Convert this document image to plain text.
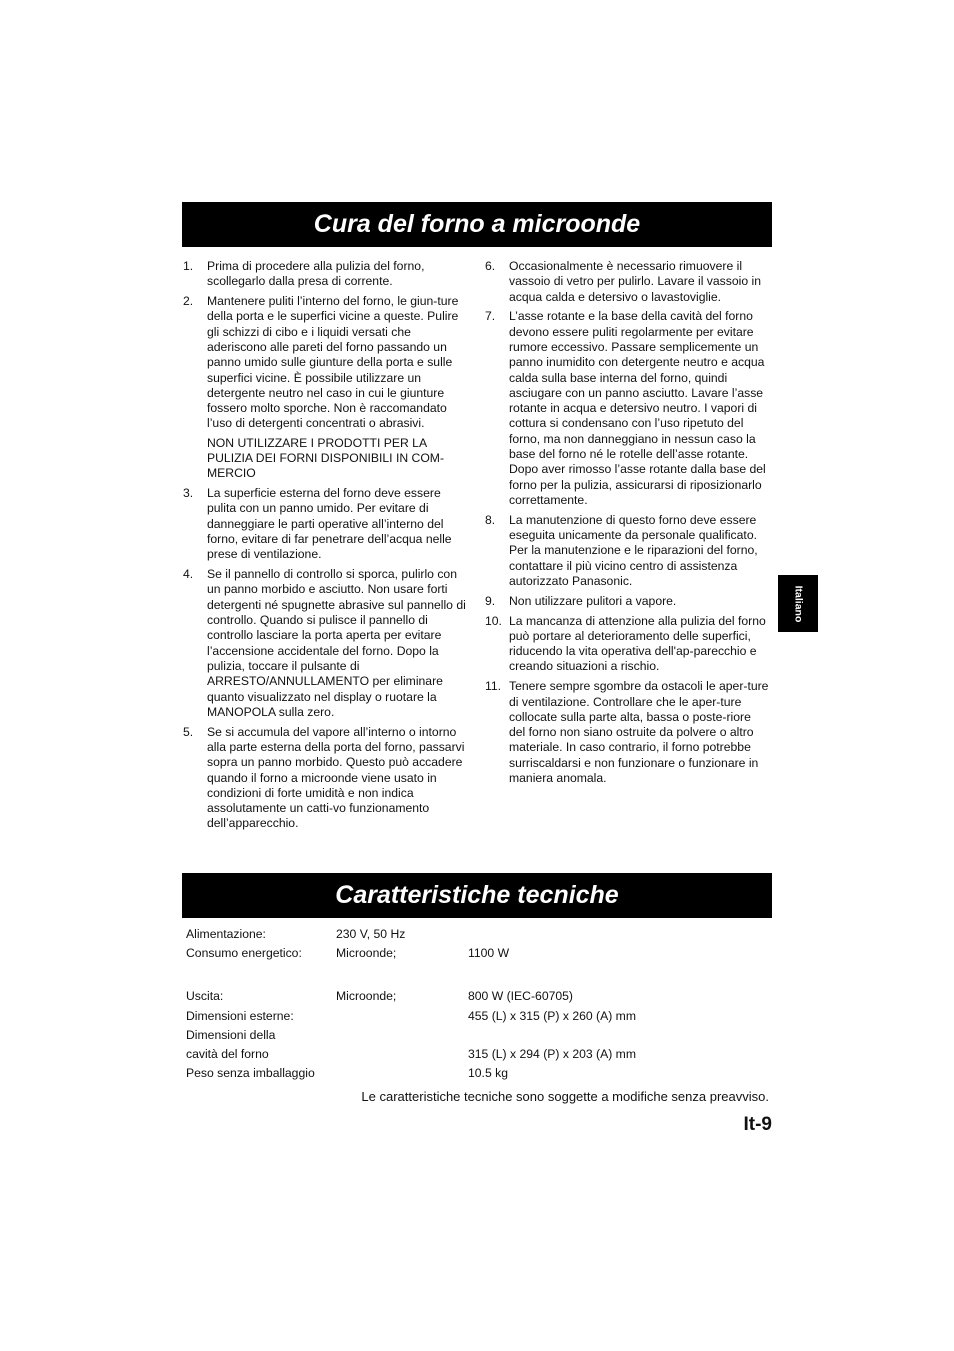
Cura del forno a microonde
1.	Prima di procedere alla pulizia del forno, scollegarlo dalla presa di corrente.

2.	Mantenere puliti l’interno del forno, le giun-ture della porta e le superfici vicine a queste. Pulire gli schizzi di cibo e i liquidi versati che aderiscono alle pareti del forno passando un panno umido sulle giunture della porta e sulle superfici vicine. È possibile utilizzare un detergente neutro nel caso in cui le giunture fossero molto sporche. Non è raccomandato l’uso di detergenti concentrati o abrasivi.

NON UTILIZZARE I PRODOTTI PER LA PULIZIA DEI FORNI DISPONIBILI IN COM-MERCIO

3.	La superficie esterna del forno deve essere pulita con un panno umido. Per evitare di danneggiare le parti operative all’interno del forno, evitare di far penetrare dell’acqua nelle prese di ventilazione.

4.	Se il pannello di controllo si sporca, pulirlo con un panno morbido e asciutto. Non usare forti detergenti né spugnette abrasive sul pannello di controllo. Quando si pulisce il pannello di controllo lasciare la porta aperta per evitare l’accensione accidentale del forno. Dopo la pulizia, toccare il pulsante di ARRESTO/ANNULLAMENTO per eliminare quanto visualizzato nel display o ruotare la MANOPOLA sulla zero.

5.	Se si accumula del vapore all’interno o intorno alla parte esterna della porta del forno, passarvi sopra un panno morbido. Questo può accadere quando il forno a microonde viene usato in condizioni di forte umidità e non indica assolutamente un catti-vo funzionamento dell’apparecchio.

6.	Occasionalmente è necessario rimuovere il vassoio di vetro per pulirlo. Lavare il vassoio in acqua calda e detersivo o lavastoviglie.

7.	L’asse rotante e la base della cavità del forno devono essere puliti regolarmente per evitare rumore eccessivo. Passare semplicemente un panno inumidito con detergente neutro e acqua calda sulla base interna del forno, quindi asciugare con un panno asciutto. Lavare l’asse rotante in acqua e detersivo neutro. I vapori di cottura si condensano con l’uso ripetuto del forno, ma non danneggiano in nessun caso la base del forno né le rotelle dell’asse rotante. Dopo aver rimosso l’asse rotante dalla base del forno per la pulizia, assicurarsi di riposizionarlo correttamente.

8.	La manutenzione di questo forno deve essere eseguita unicamente da personale qualificato. Per la manutenzione e le riparazioni del forno, contattare il più vicino centro di assistenza autorizzato Panasonic.

9.	Non utilizzare pulitori a vapore.

10. La mancanza di attenzione alla pulizia del forno può portare al deterioramento delle superfici, riducendo la vita operativa dell'ap-parecchio e creando situazioni a rischio.

11. Tenere sempre sgombre da ostacoli le aper-ture di ventilazione. Controllare che le aper-ture collocate sulla parte alta, bassa o poste-riore del forno non siano ostruite da polvere o altro materiale. In caso contrario, il forno potrebbe surriscaldarsi e non funzionare o funzionare in maniera anomala.

Italiano
Caratteristiche tecniche
Alimentazione:	230 V, 50 Hz
Consumo energetico:	Microonde;	1100 W
Uscita:	Microonde;	800 W (IEC-60705)
Dimensioni esterne:	455 (L) x 315 (P) x 260 (A) mm
Dimensioni della
cavità del forno	315 (L) x 294 (P) x 203 (A) mm
Peso senza imballaggio	10.5 kg
Le caratteristiche tecniche sono soggette a modifiche senza preavviso.
It-9
